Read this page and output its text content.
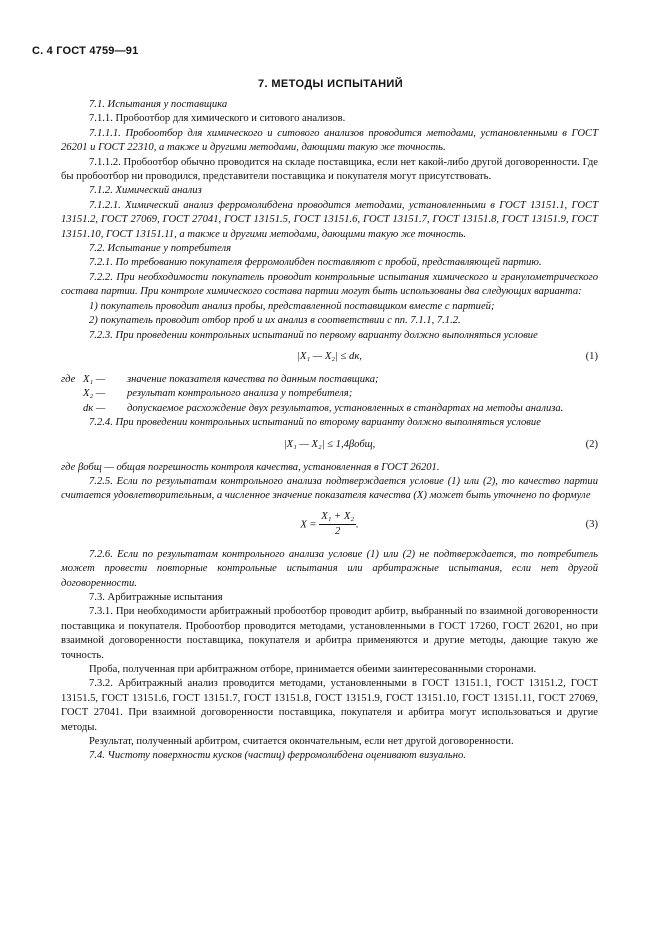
С. 4 ГОСТ 4759—91
7. МЕТОДЫ ИСПЫТАНИЙ

7.1. Испытания у поставщика

7.1.1. Пробоотбор для химического и ситового анализов.

7.1.1.1. Пробоотбор для химического и ситового анализов проводится методами, установленными в ГОСТ 26201 и ГОСТ 22310, а также и другими методами, дающими такую же точность.

7.1.1.2. Пробоотбор обычно проводится на складе поставщика, если нет какой-либо другой договоренности. Где бы пробоотбор ни проводился, представители поставщика и покупателя могут присутствовать.

7.1.2. Химический анализ

7.1.2.1. Химический анализ ферромолибдена проводится методами, установленными в ГОСТ 13151.1, ГОСТ 13151.2, ГОСТ 27069, ГОСТ 27041, ГОСТ 13151.5, ГОСТ 13151.6, ГОСТ 13151.7, ГОСТ 13151.8, ГОСТ 13151.9, ГОСТ 13151.10, ГОСТ 13151.11, а также и другими методами, дающими такую же точность.

7.2. Испытание у потребителя

7.2.1. По требованию покупателя ферромолибден поставляют с пробой, представляющей партию.

7.2.2. При необходимости покупатель проводит контрольные испытания химического и гранулометрического состава партии. При контроле химического состава партии могут быть использованы два следующих варианта:

1) покупатель проводит анализ пробы, представленной поставщиком вместе с партией;

2) покупатель проводит отбор проб и их анализ в соответствии с пп. 7.1.1, 7.1.2.

7.2.3. При проведении контрольных испытаний по первому варианту должно выполняться условие

|X₁ — X₂| ≤ dк,	(1)
где X₁ —	значение показателя качества по данным поставщика;
X₂ —	результат контрольного анализа у потребителя;
dк —	допускаемое расхождение двух результатов, установленных в стандартах на методы анализа.

7.2.4. При проведении контрольных испытаний по второму варианту должно выполняться условие

|X₁ — X₂| ≤ 1,4βобщ,	(2)

где βобщ — общая погрешность контроля качества, установленная в ГОСТ 26201.

7.2.5. Если по результатам контрольного анализа подтверждается условие (1) или (2), то качество партии считается удовлетворительным, а численное значение показателя качества (X) может быть уточнено по формуле

$X = \frac{\text{X₁ + X₂}}{2}$ .	(3)

7.2.6. Если по результатам контрольного анализа условие (1) или (2) не подтверждается, то потребитель может провести повторные контрольные испытания или арбитражные испытания, если нет другой договоренности.

7.3. Арбитражные испытания

7.3.1. При необходимости арбитражный пробоотбор проводит арбитр, выбранный по взаимной договоренности поставщика и покупателя. Пробоотбор проводится методами, установленными в ГОСТ 17260, ГОСТ 26201, но при взаимной договоренности поставщика, покупателя и арбитра применяются и другие методы, дающие такую же точность.

Проба, полученная при арбитражном отборе, принимается обеими заинтересованными сторонами.

7.3.2. Арбитражный анализ проводится методами, установленными в ГОСТ 13151.1, ГОСТ 13151.2, ГОСТ 13151.5, ГОСТ 13151.6, ГОСТ 13151.7, ГОСТ 13151.8, ГОСТ 13151.9, ГОСТ 13151.10, ГОСТ 13151.11, ГОСТ 27069, ГОСТ 27041. При взаимной договоренности поставщика, покупателя и арбитра могут использоваться и другие методы.

Результат, полученный арбитром, считается окончательным, если нет другой договоренности.

7.4. Чистоту поверхности кусков (частиц) ферромолибдена оценивают визуально.
